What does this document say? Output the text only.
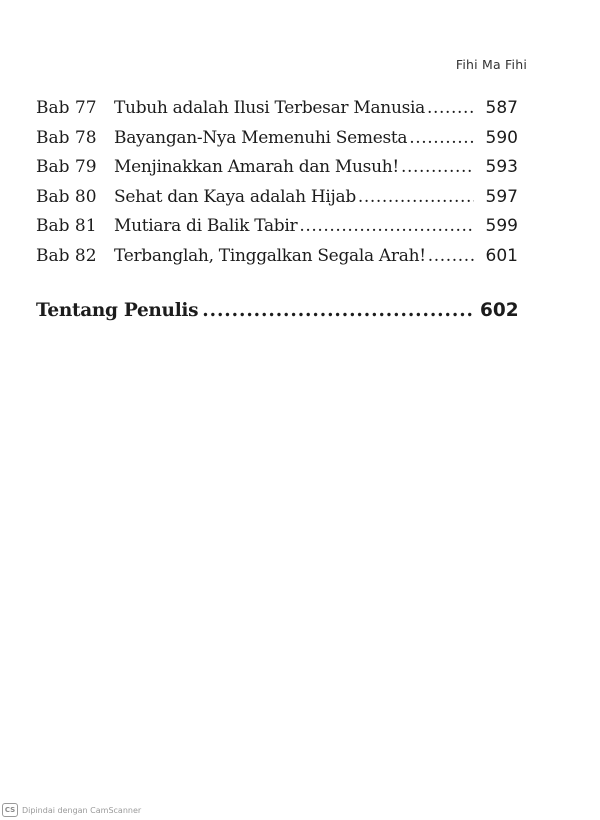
Fihi Ma Fihi
Bab 77	Tubuh adalah Ilusi Terbesar Manusia .....	587
Bab 78	Bayangan-Nya Memenuhi Semesta .....	590
Bab 79	Menjinakkan Amarah dan Musuh! .....	593
Bab 80	Sehat dan Kaya adalah Hijab .....	597
Bab 81	Mutiara di Balik Tabir .....	599
Bab 82	Terbanglah, Tinggalkan Segala Arah! .....	601
Tentang Penulis .....	602
CS Dipindai dengan CamScanner
